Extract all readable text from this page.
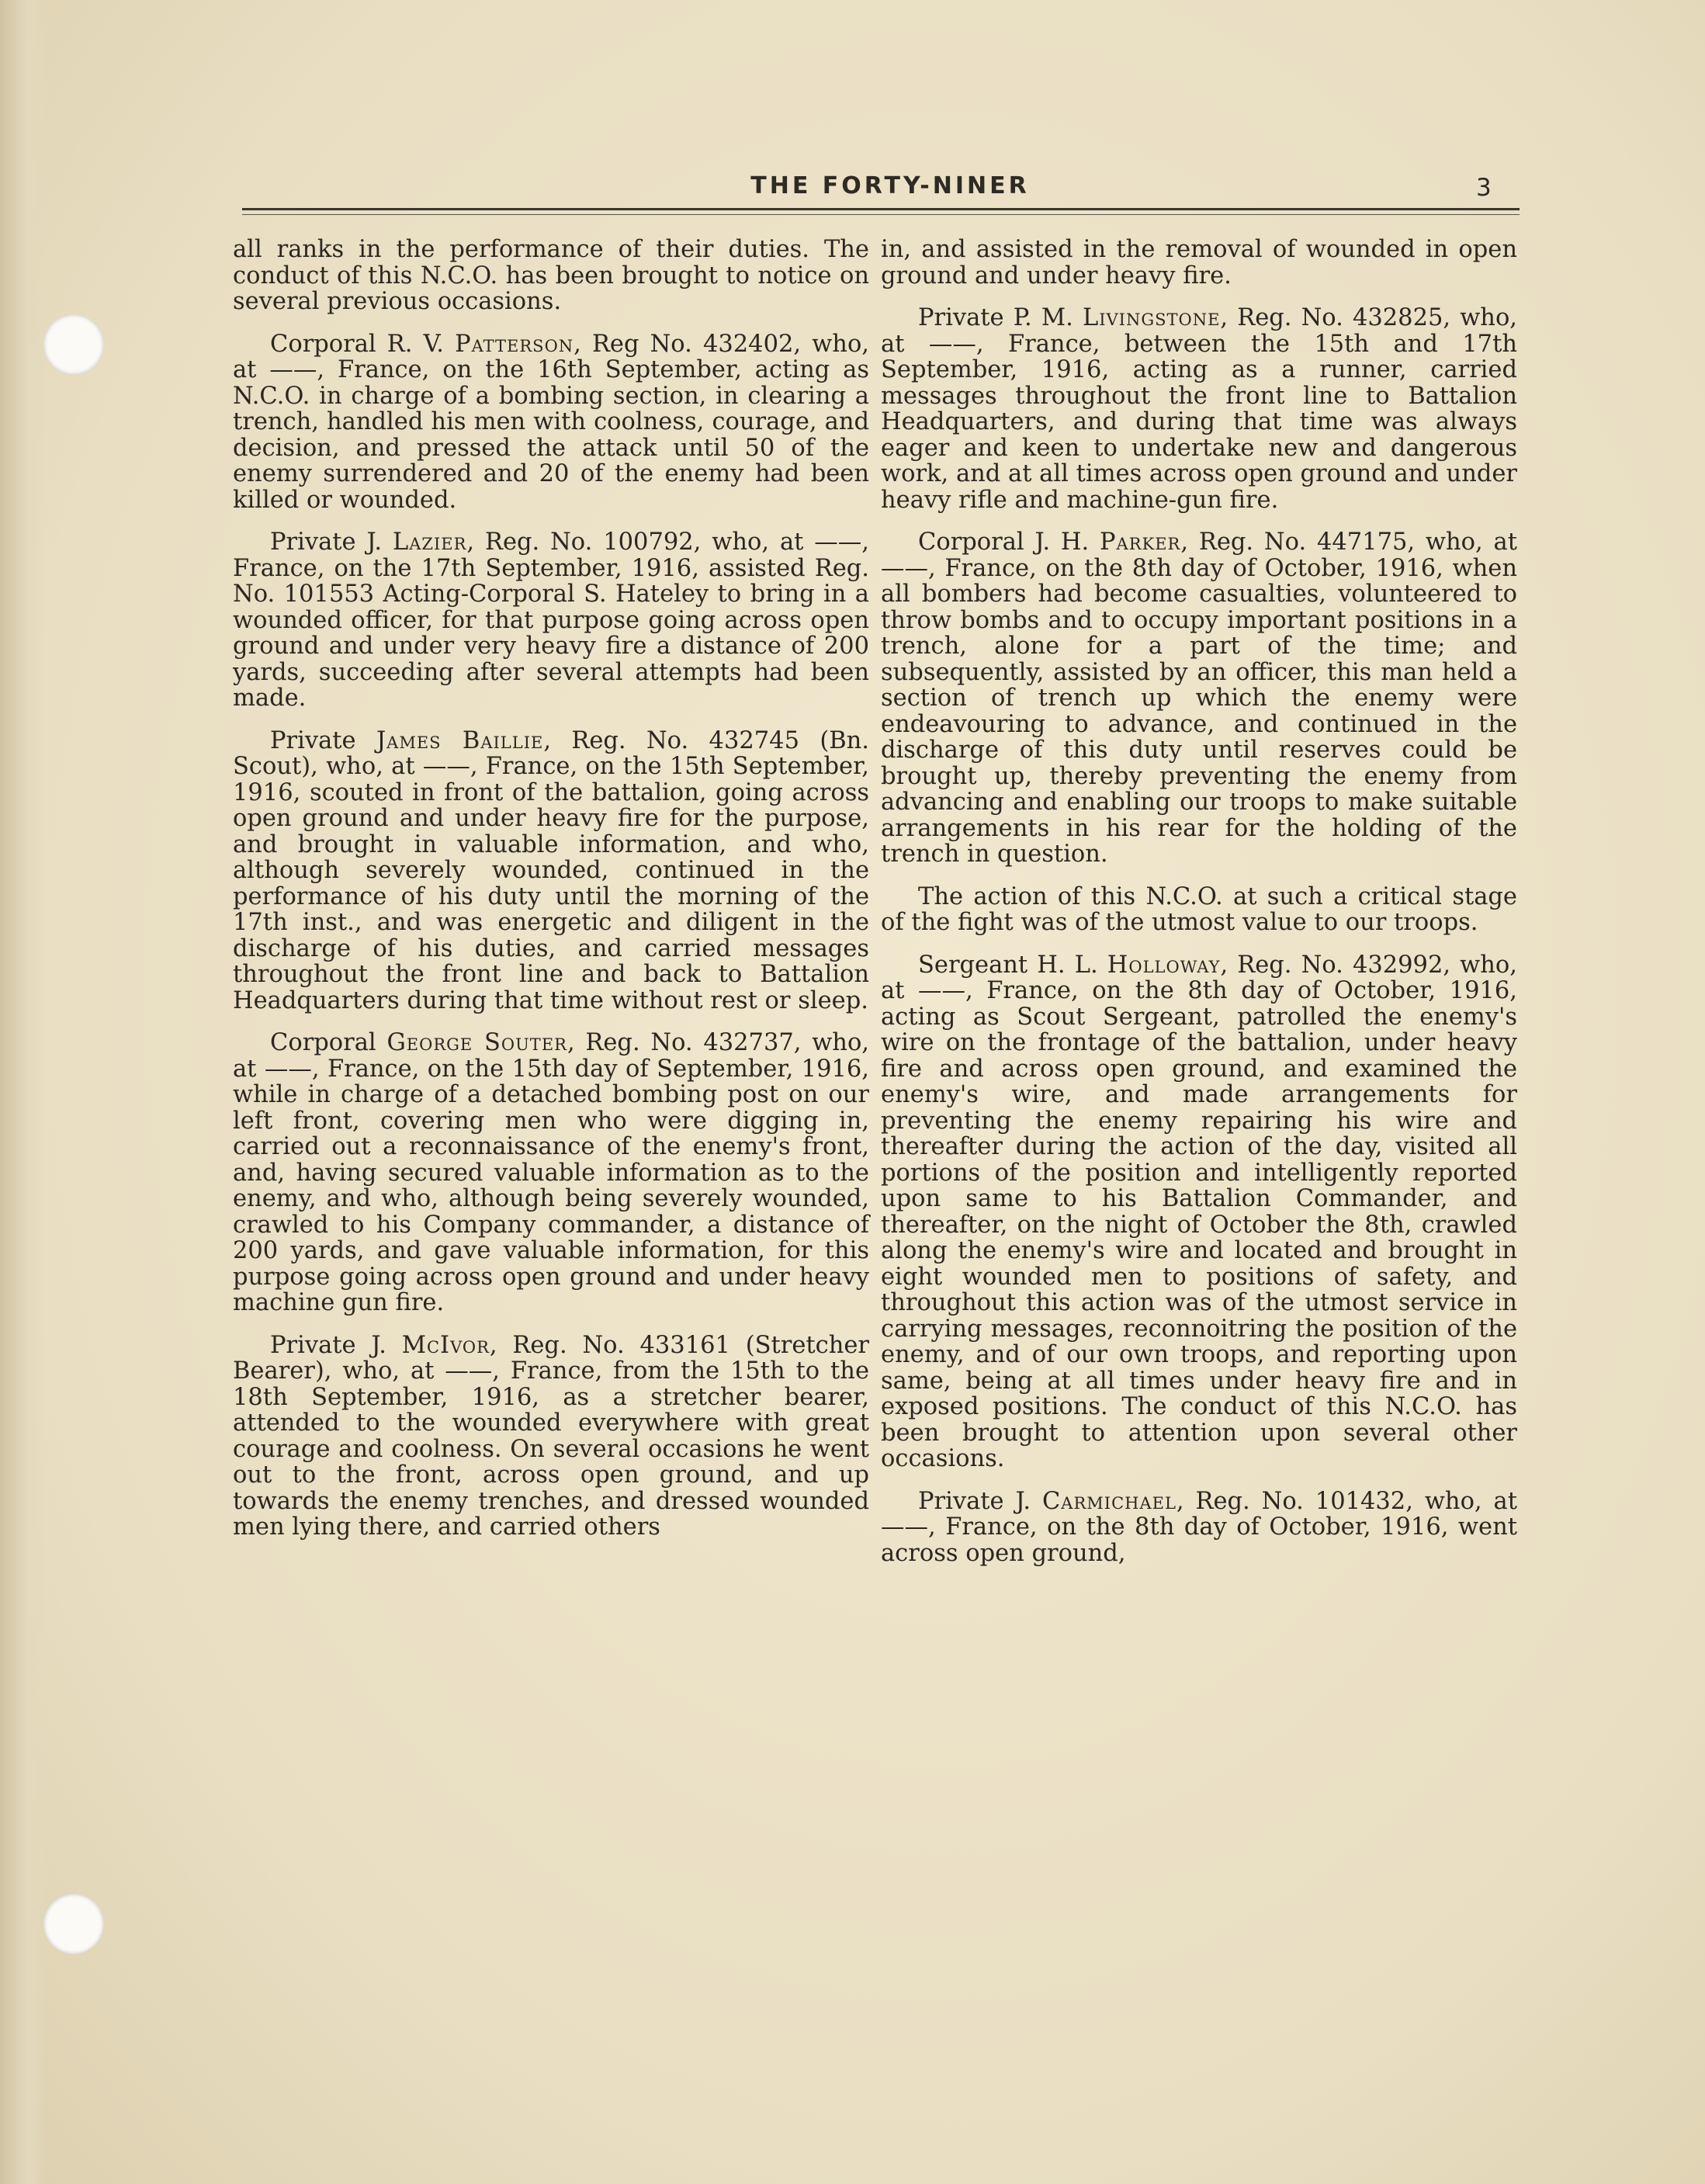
THE FORTY-NINER	3

all ranks in the performance of their duties. The conduct of this N.C.O. has been brought to notice on several previous occasions.

Corporal R. V. Patterson, Reg No. 432402, who, at ——, France, on the 16th September, acting as N.C.O. in charge of a bombing section, in clearing a trench, handled his men with coolness, courage, and decision, and pressed the attack until 50 of the enemy surrendered and 20 of the enemy had been killed or wounded.

Private J. Lazier, Reg. No. 100792, who, at ——, France, on the 17th September, 1916, assisted Reg. No. 101553 Acting-Corporal S. Hateley to bring in a wounded officer, for that purpose going across open ground and under very heavy fire a distance of 200 yards, succeeding after several attempts had been made.

Private James Baillie, Reg. No. 432745 (Bn. Scout), who, at ——, France, on the 15th September, 1916, scouted in front of the battalion, going across open ground and under heavy fire for the purpose, and brought in valuable information, and who, although severely wounded, continued in the performance of his duty until the morning of the 17th inst., and was energetic and diligent in the discharge of his duties, and carried messages throughout the front line and back to Battalion Headquarters during that time without rest or sleep.

Corporal George Souter, Reg. No. 432737, who, at ——, France, on the 15th day of September, 1916, while in charge of a detached bombing post on our left front, covering men who were digging in, carried out a reconnaissance of the enemy's front, and, having secured valuable information as to the enemy, and who, although being severely wounded, crawled to his Company commander, a distance of 200 yards, and gave valuable information, for this purpose going across open ground and under heavy machine gun fire.

Private J. McIvor, Reg. No. 433161 (Stretcher Bearer), who, at ——, France, from the 15th to the 18th September, 1916, as a stretcher bearer, attended to the wounded everywhere with great courage and coolness. On several occasions he went out to the front, across open ground, and up towards the enemy trenches, and dressed wounded men lying there, and carried others

in, and assisted in the removal of wounded in open ground and under heavy fire.

Private P. M. Livingstone, Reg. No. 432825, who, at ——, France, between the 15th and 17th September, 1916, acting as a runner, carried messages throughout the front line to Battalion Headquarters, and during that time was always eager and keen to undertake new and dangerous work, and at all times across open ground and under heavy rifle and machine-gun fire.

Corporal J. H. Parker, Reg. No. 447175, who, at ——, France, on the 8th day of October, 1916, when all bombers had become casualties, volunteered to throw bombs and to occupy important positions in a trench, alone for a part of the time; and subsequently, assisted by an officer, this man held a section of trench up which the enemy were endeavouring to advance, and continued in the discharge of this duty until reserves could be brought up, thereby preventing the enemy from advancing and enabling our troops to make suitable arrangements in his rear for the holding of the trench in question.

The action of this N.C.O. at such a critical stage of the fight was of the utmost value to our troops.

Sergeant H. L. Holloway, Reg. No. 432992, who, at ——, France, on the 8th day of October, 1916, acting as Scout Sergeant, patrolled the enemy's wire on the frontage of the battalion, under heavy fire and across open ground, and examined the enemy's wire, and made arrangements for preventing the enemy repairing his wire and thereafter during the action of the day, visited all portions of the position and intelligently reported upon same to his Battalion Commander, and thereafter, on the night of October the 8th, crawled along the enemy's wire and located and brought in eight wounded men to positions of safety, and throughout this action was of the utmost service in carrying messages, reconnoitring the position of the enemy, and of our own troops, and reporting upon same, being at all times under heavy fire and in exposed positions. The conduct of this N.C.O. has been brought to attention upon several other occasions.

Private J. Carmichael, Reg. No. 101432, who, at ——, France, on the 8th day of October, 1916, went across open ground,
